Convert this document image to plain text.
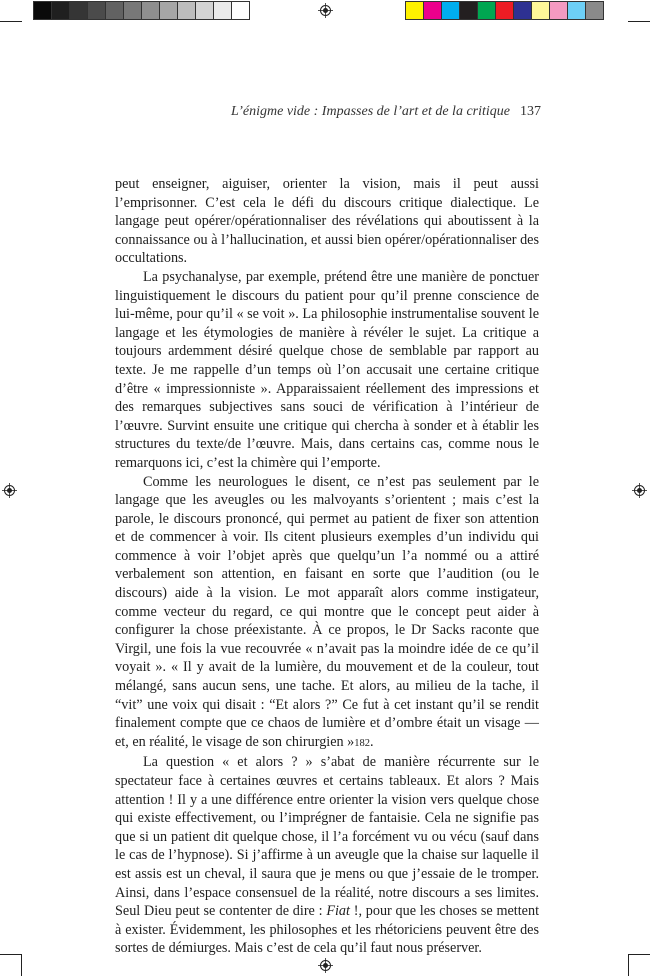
L’énigme vide : Impasses de l’art et de la critique 137

peut enseigner, aiguiser, orienter la vision, mais il peut aussi l’emprisonner. C’est cela le défi du discours critique dialectique. Le langage peut opérer/opérationnaliser des révélations qui aboutissent à la connaissance ou à l’hallucination, et aussi bien opérer/opérationnaliser des occultations.

La psychanalyse, par exemple, prétend être une manière de ponctuer linguistiquement le discours du patient pour qu’il prenne conscience de lui-même, pour qu’il « se voit ». La philosophie instrumentalise souvent le langage et les étymologies de manière à révéler le sujet. La critique a toujours ardemment désiré quelque chose de semblable par rapport au texte. Je me rappelle d’un temps où l’on accusait une certaine critique d’être « impressionniste ». Apparaissaient réellement des impressions et des remarques subjectives sans souci de vérification à l’intérieur de l’œuvre. Survint ensuite une critique qui chercha à sonder et à établir les structures du texte/de l’œuvre. Mais, dans certains cas, comme nous le remarquons ici, c’est la chimère qui l’emporte.

Comme les neurologues le disent, ce n’est pas seulement par le langage que les aveugles ou les malvoyants s’orientent ; mais c’est la parole, le discours prononcé, qui permet au patient de fixer son attention et de commencer à voir. Ils citent plusieurs exemples d’un individu qui commence à voir l’objet après que quelqu’un l’a nommé ou a attiré verbalement son attention, en faisant en sorte que l’audition (ou le discours) aide à la vision. Le mot apparaît alors comme instigateur, comme vecteur du regard, ce qui montre que le concept peut aider à configurer la chose préexistante. À ce propos, le Dr Sacks raconte que Virgil, une fois la vue recouvrée « n’avait pas la moindre idée de ce qu’il voyait ». « Il y avait de la lumière, du mouvement et de la couleur, tout mélangé, sans aucun sens, une tache. Et alors, au milieu de la tache, il “vit” une voix qui disait : “Et alors ?” Ce fut à cet instant qu’il se rendit finalement compte que ce chaos de lumière et d’ombre était un visage — et, en réalité, le visage de son chirurgien »182.

La question « et alors ? » s’abat de manière récurrente sur le spectateur face à certaines œuvres et certains tableaux. Et alors ? Mais attention ! Il y a une différence entre orienter la vision vers quelque chose qui existe effectivement, ou l’imprégner de fantaisie. Cela ne signifie pas que si un patient dit quelque chose, il l’a forcément vu ou vécu (sauf dans le cas de l’hypnose). Si j’affirme à un aveugle que la chaise sur laquelle il est assis est un cheval, il saura que je mens ou que j’essaie de le tromper. Ainsi, dans l’espace consensuel de la réalité, notre discours a ses limites. Seul Dieu peut se contenter de dire : Fiat !, pour que les choses se mettent à exister. Évidemment, les philosophes et les rhétoriciens peuvent être des sortes de démiurges. Mais c’est de cela qu’il faut nous préserver.
